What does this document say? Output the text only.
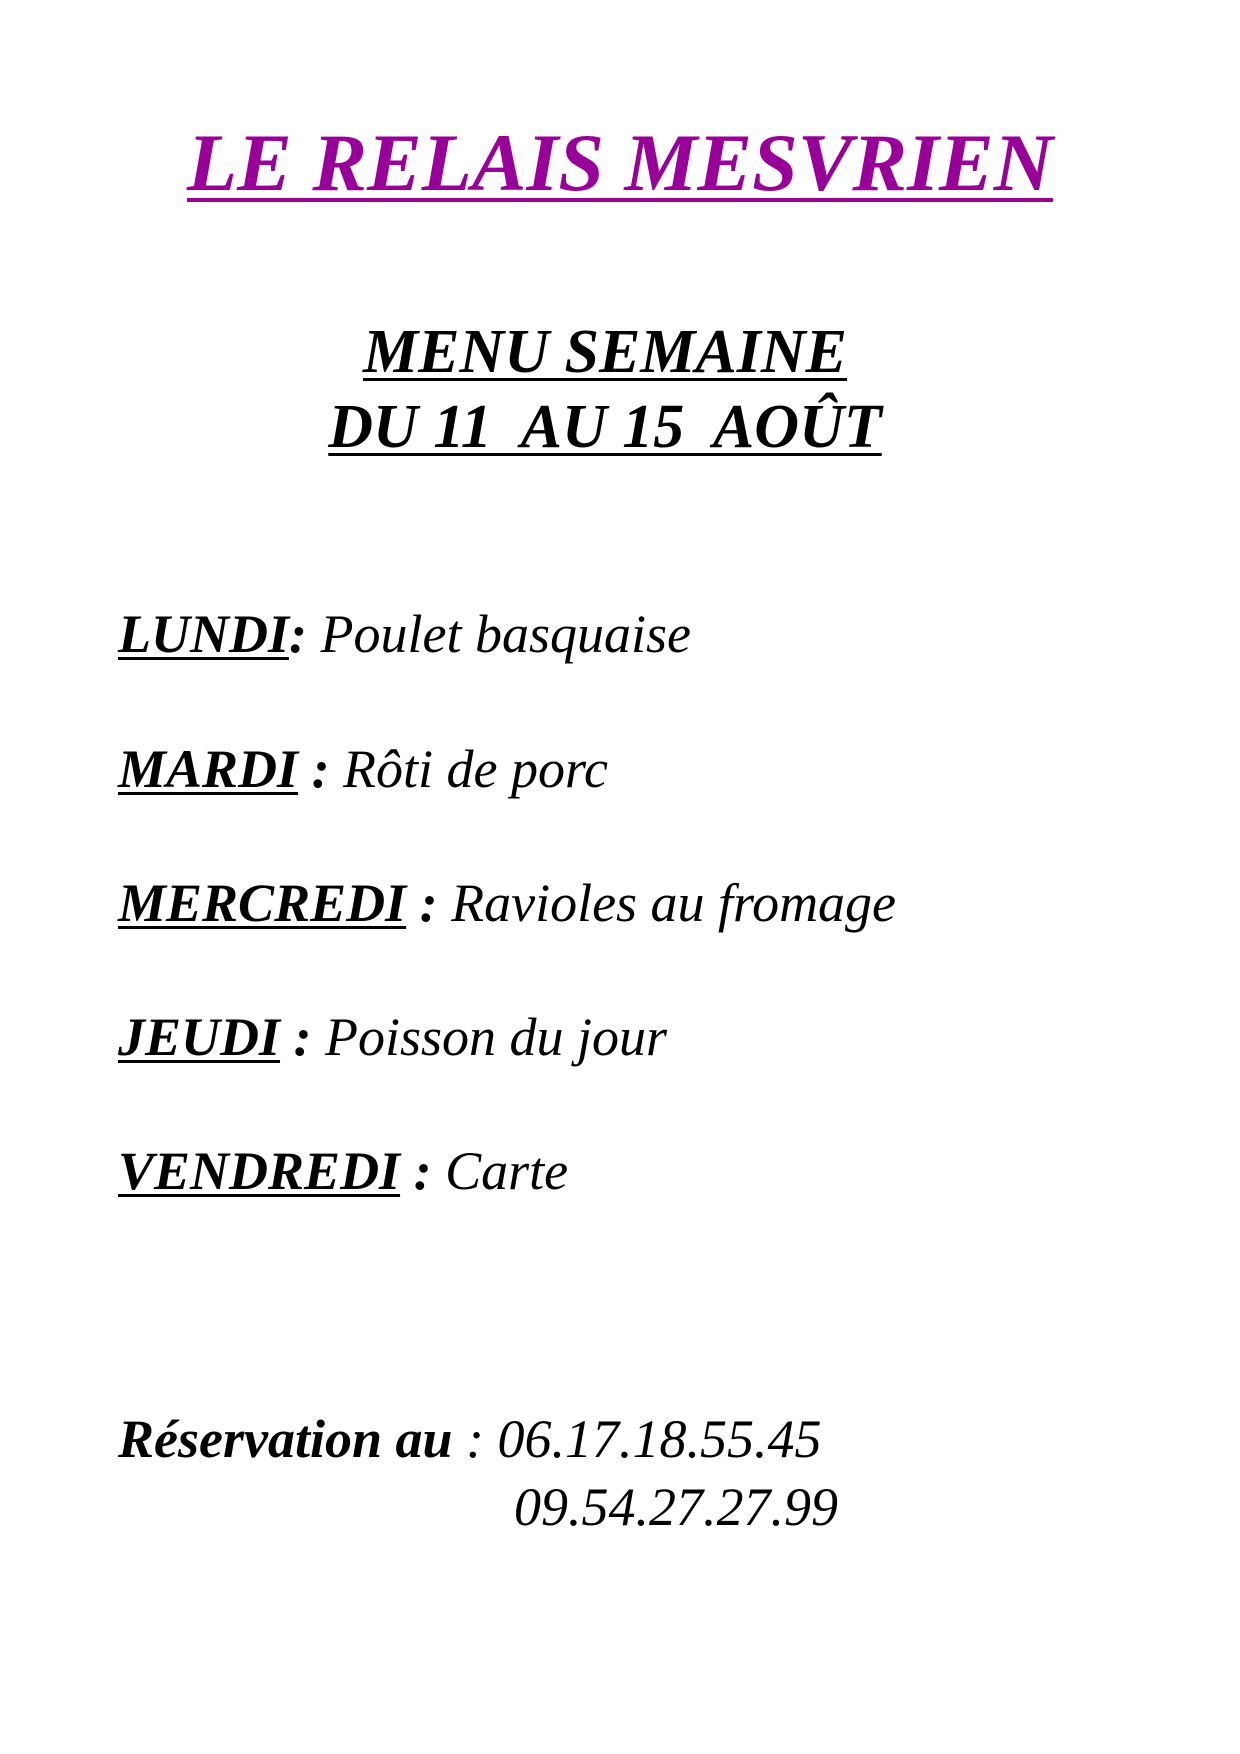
LE RELAIS MESVRIEN
MENU SEMAINE
DU 11  AU 15  AOÛT
LUNDI: Poulet basquaise
MARDI : Rôti de porc
MERCREDI : Ravioles au fromage
JEUDI : Poisson du jour
VENDREDI : Carte
Réservation au : 06.17.18.55.45
09.54.27.27.99
